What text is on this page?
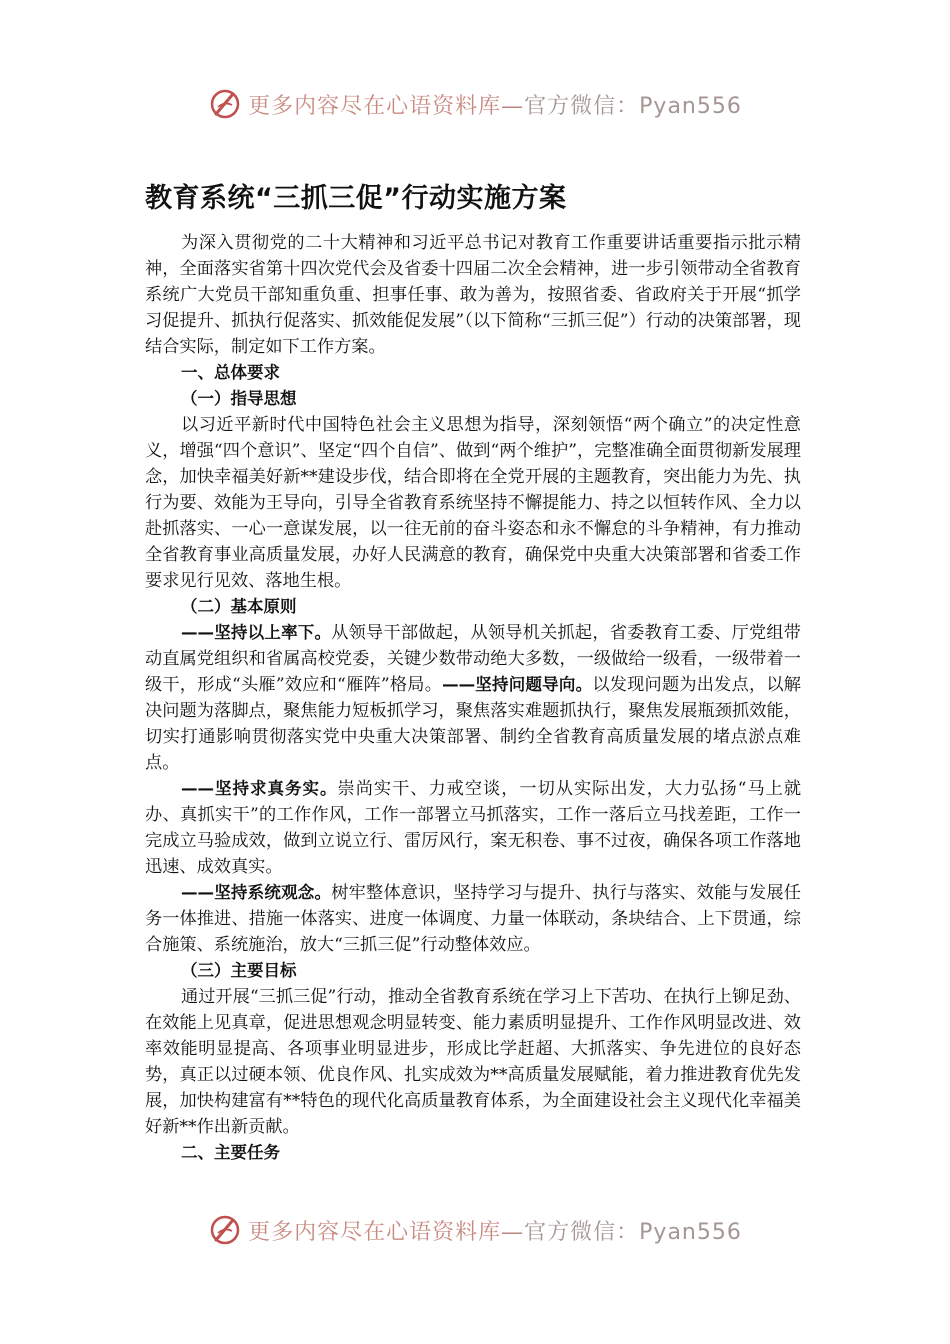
更多内容尽在心语资料库—官方微信：Pyan556
教育系统“三抓三促”行动实施方案

为深入贯彻党的二十大精神和习近平总书记对教育工作重要讲话重要指示批示精神，全面落实省第十四次党代会及省委十四届二次全会精神，进一步引领带动全省教育系统广大党员干部知重负重、担事任事、敢为善为，按照省委、省政府关于开展“抓学习促提升、抓执行促落实、抓效能促发展”（以下简称“三抓三促”）行动的决策部署，现结合实际，制定如下工作方案。

一、总体要求

（一）指导思想

以习近平新时代中国特色社会主义思想为指导，深刻领悟“两个确立”的决定性意义，增强“四个意识”、坚定“四个自信”、做到“两个维护”，完整准确全面贯彻新发展理念，加快幸福美好新**建设步伐，结合即将在全党开展的主题教育，突出能力为先、执行为要、效能为王导向，引导全省教育系统坚持不懈提能力、持之以恒转作风、全力以赴抓落实、一心一意谋发展，以一往无前的奋斗姿态和永不懈怠的斗争精神，有力推动全省教育事业高质量发展，办好人民满意的教育，确保党中央重大决策部署和省委工作要求见行见效、落地生根。

（二）基本原则

——坚持以上率下。从领导干部做起，从领导机关抓起，省委教育工委、厅党组带动直属党组织和省属高校党委，关键少数带动绝大多数，一级做给一级看，一级带着一级干，形成“头雁”效应和“雁阵”格局。——坚持问题导向。以发现问题为出发点，以解决问题为落脚点，聚焦能力短板抓学习，聚焦落实难题抓执行，聚焦发展瓶颈抓效能，切实打通影响贯彻落实党中央重大决策部署、制约全省教育高质量发展的堵点淤点难点。

——坚持求真务实。崇尚实干、力戒空谈，一切从实际出发，大力弘扬“马上就办、真抓实干”的工作作风，工作一部署立马抓落实，工作一落后立马找差距，工作一完成立马验成效，做到立说立行、雷厉风行，案无积卷、事不过夜，确保各项工作落地迅速、成效真实。

——坚持系统观念。树牢整体意识，坚持学习与提升、执行与落实、效能与发展任务一体推进、措施一体落实、进度一体调度、力量一体联动，条块结合、上下贯通，综合施策、系统施治，放大“三抓三促”行动整体效应。

（三）主要目标

通过开展“三抓三促”行动，推动全省教育系统在学习上下苦功、在执行上铆足劲、在效能上见真章，促进思想观念明显转变、能力素质明显提升、工作作风明显改进、效率效能明显提高、各项事业明显进步，形成比学赶超、大抓落实、争先进位的良好态势，真正以过硬本领、优良作风、扎实成效为**高质量发展赋能，着力推进教育优先发展，加快构建富有**特色的现代化高质量教育体系，为全面建设社会主义现代化幸福美好新**作出新贡献。

二、主要任务

更多内容尽在心语资料库—官方微信：Pyan556
